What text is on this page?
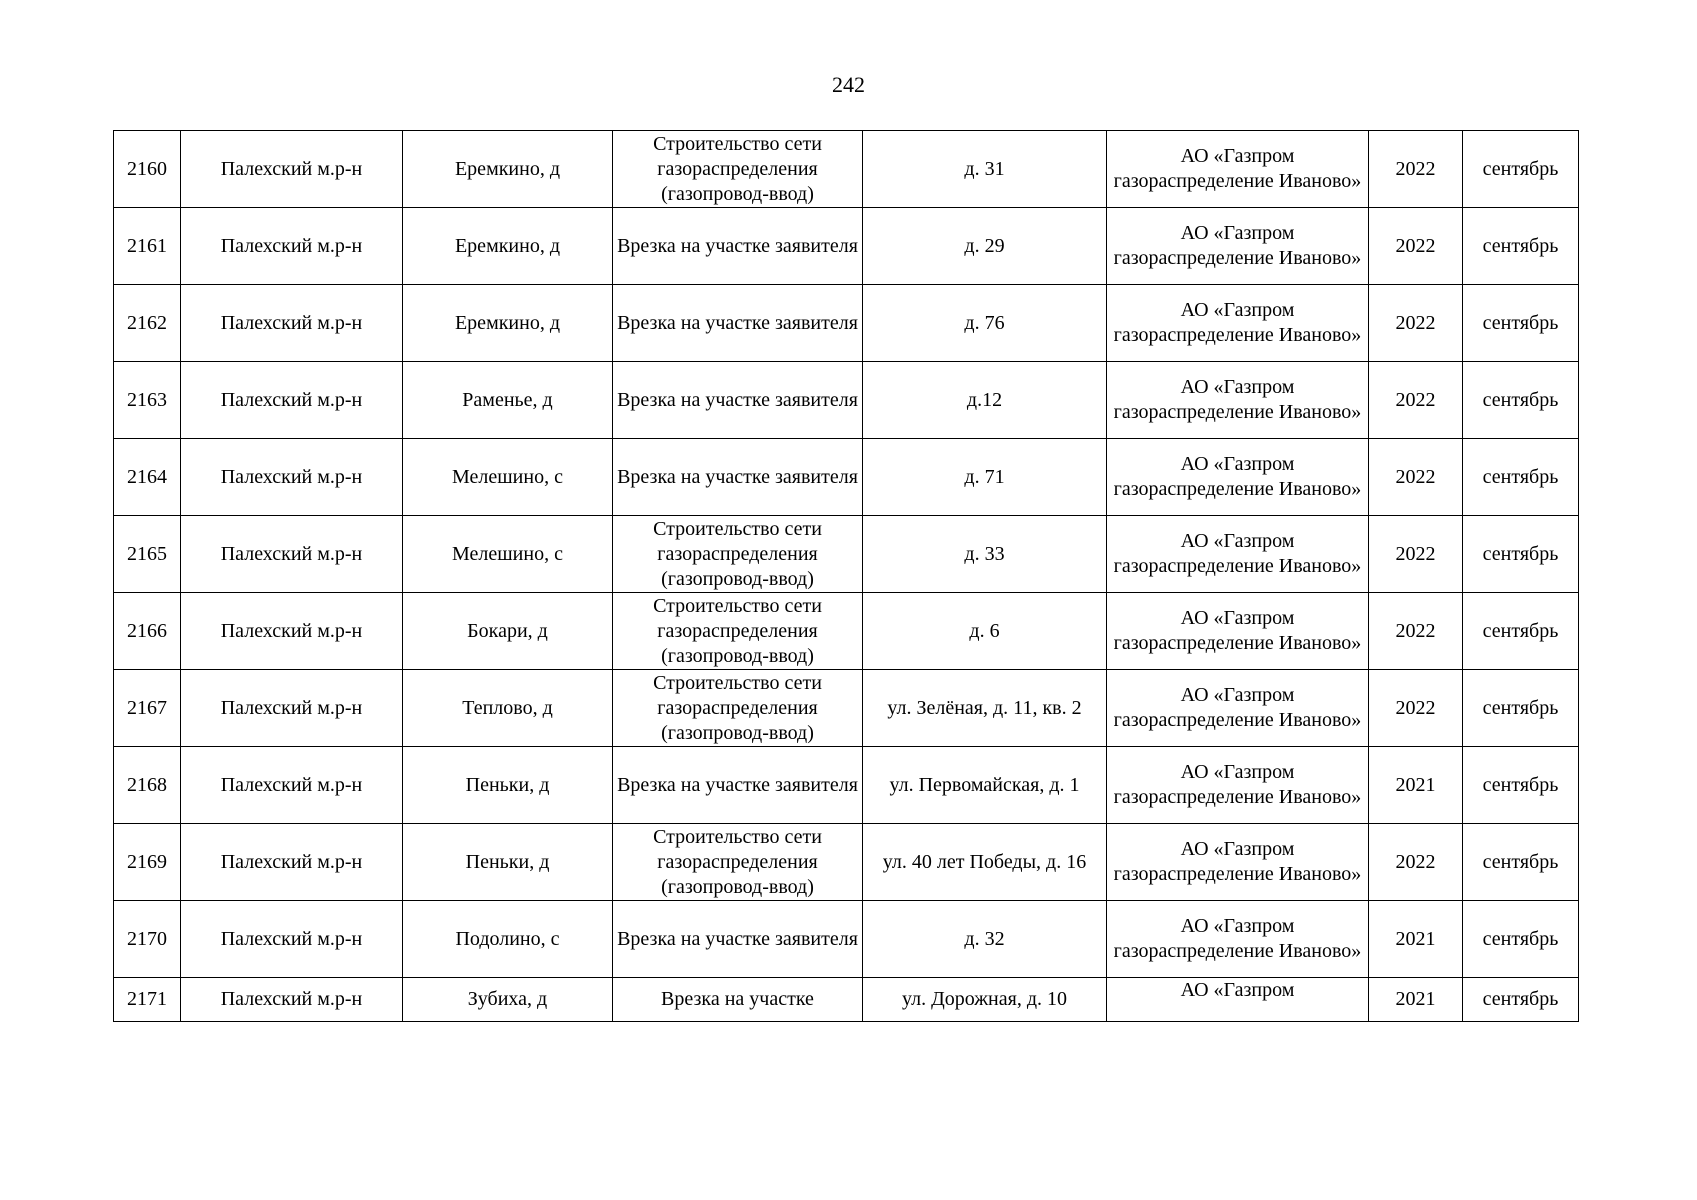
242
2160	Палехский м.р-н	Еремкино, д	Строительство сети газораспределения (газопровод-ввод)	д. 31	АО «Газпром газораспределение Иваново»	2022	сентябрь
2161	Палехский м.р-н	Еремкино, д	Врезка на участке заявителя	д. 29	АО «Газпром газораспределение Иваново»	2022	сентябрь
2162	Палехский м.р-н	Еремкино, д	Врезка на участке заявителя	д. 76	АО «Газпром газораспределение Иваново»	2022	сентябрь
2163	Палехский м.р-н	Раменье, д	Врезка на участке заявителя	д.12	АО «Газпром газораспределение Иваново»	2022	сентябрь
2164	Палехский м.р-н	Мелешино, с	Врезка на участке заявителя	д. 71	АО «Газпром газораспределение Иваново»	2022	сентябрь
2165	Палехский м.р-н	Мелешино, с	Строительство сети газораспределения (газопровод-ввод)	д. 33	АО «Газпром газораспределение Иваново»	2022	сентябрь
2166	Палехский м.р-н	Бокари, д	Строительство сети газораспределения (газопровод-ввод)	д. 6	АО «Газпром газораспределение Иваново»	2022	сентябрь
2167	Палехский м.р-н	Теплово, д	Строительство сети газораспределения (газопровод-ввод)	ул. Зелёная, д. 11, кв. 2	АО «Газпром газораспределение Иваново»	2022	сентябрь
2168	Палехский м.р-н	Пеньки, д	Врезка на участке заявителя	ул. Первомайская, д. 1	АО «Газпром газораспределение Иваново»	2021	сентябрь
2169	Палехский м.р-н	Пеньки, д	Строительство сети газораспределения (газопровод-ввод)	ул. 40 лет Победы, д. 16	АО «Газпром газораспределение Иваново»	2022	сентябрь
2170	Палехский м.р-н	Подолино, с	Врезка на участке заявителя	д. 32	АО «Газпром газораспределение Иваново»	2021	сентябрь
2171	Палехский м.р-н	Зубиха, д	Врезка на участке	ул. Дорожная, д. 10	АО «Газпром	2021	сентябрь
